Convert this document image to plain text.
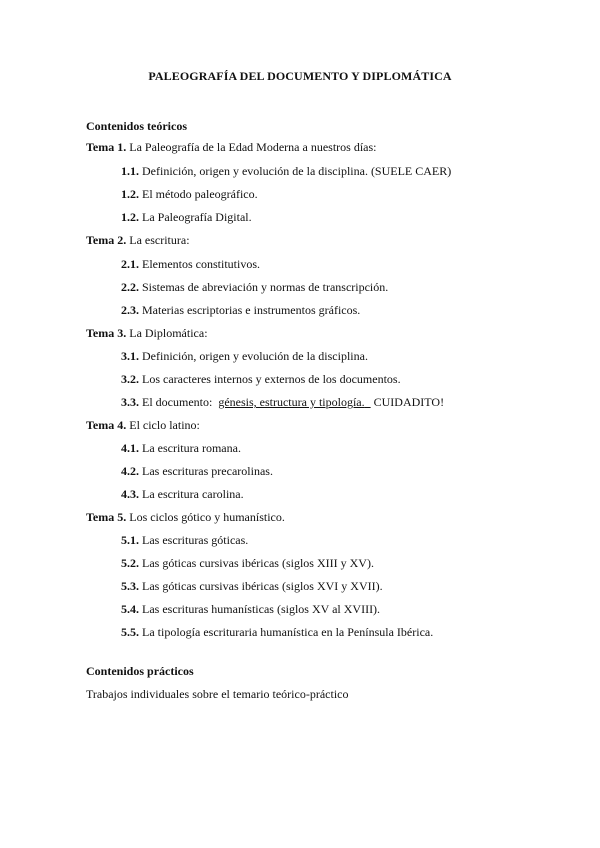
PALEOGRAFÍA DEL DOCUMENTO Y DIPLOMÁTICA
Contenidos teóricos
Tema 1. La Paleografía de la Edad Moderna a nuestros días:
1.1. Definición, origen y evolución de la disciplina. (SUELE CAER)
1.2. El método paleográfico.
1.2. La Paleografía Digital.
Tema 2. La escritura:
2.1. Elementos constitutivos.
2.2. Sistemas de abreviación y normas de transcripción.
2.3. Materias escriptorias e instrumentos gráficos.
Tema 3. La Diplomática:
3.1. Definición, origen y evolución de la disciplina.
3.2. Los caracteres internos y externos de los documentos.
3.3. El documento:  génesis, estructura y tipología.   CUIDADITO!
Tema 4. El ciclo latino:
4.1. La escritura romana.
4.2. Las escrituras precarolinas.
4.3. La escritura carolina.
Tema 5. Los ciclos gótico y humanístico.
5.1. Las escrituras góticas.
5.2. Las góticas cursivas ibéricas (siglos XIII y XV).
5.3. Las góticas cursivas ibéricas (siglos XVI y XVII).
5.4. Las escrituras humanísticas (siglos XV al XVIII).
5.5. La tipología escrituraria humanística en la Península Ibérica.
Contenidos prácticos
Trabajos individuales sobre el temario teórico-práctico
